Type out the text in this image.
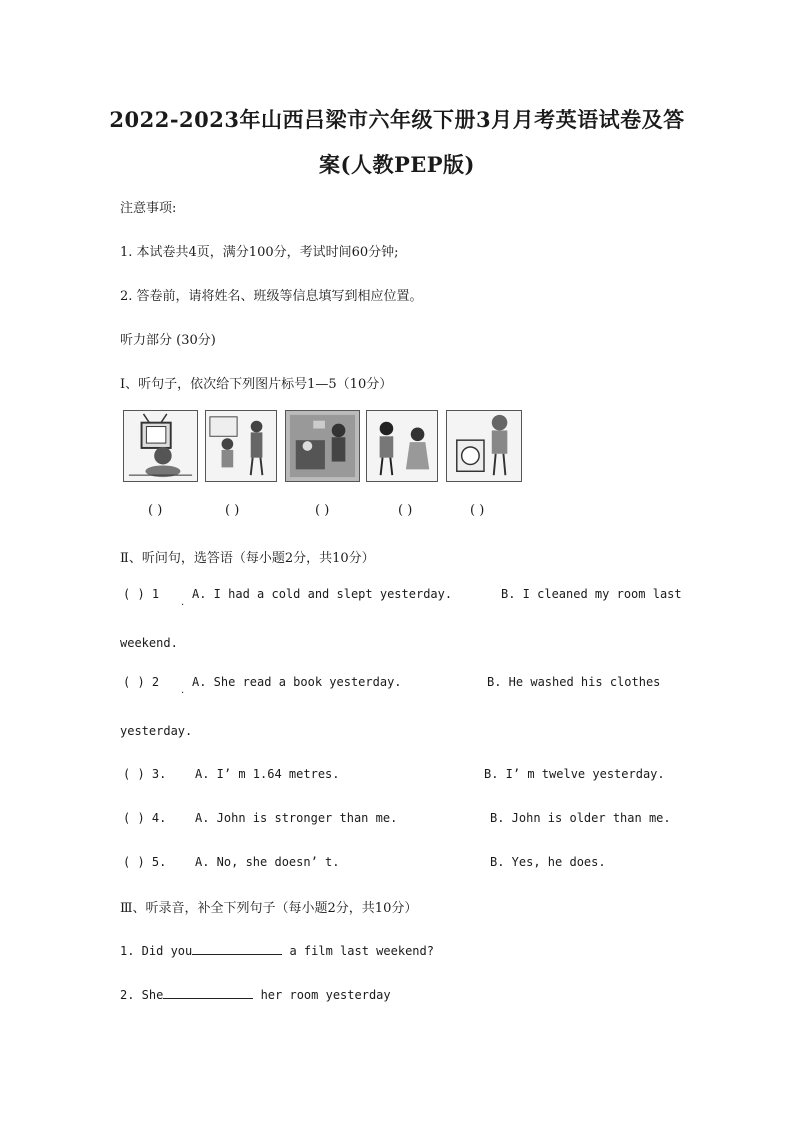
2022-2023年山西吕梁市六年级下册3月月考英语试卷及答
案(人教PEP版)
注意事项:
1. 本试卷共4页，满分100分，考试时间60分钟;
2. 答卷前，请将姓名、班级等信息填写到相应位置。
听力部分 (30分)
Ⅰ、听句子，依次给下列图片标号1—5（10分）
( )	( )	( )	( )	( )
Ⅱ、听问句，选答语（每小题2分，共10分）
( ) 1
·
A. I had a cold and slept yesterday.	B. I cleaned my room last
weekend.
( ) 2
·
A. She read a book yesterday.	B. He washed his clothes
yesterday.
( ) 3. A. I’ m 1.64 metres.	B. I’ m twelve yesterday.
( ) 4. A. John is stronger than me.	B. John is older than me.
( ) 5. A. No, she doesn’ t.	B. Yes, he does.
Ⅲ、听录音，补全下列句子（每小题2分，共10分）
1. Did you	a film last weekend?
2. She	her room yesterday
